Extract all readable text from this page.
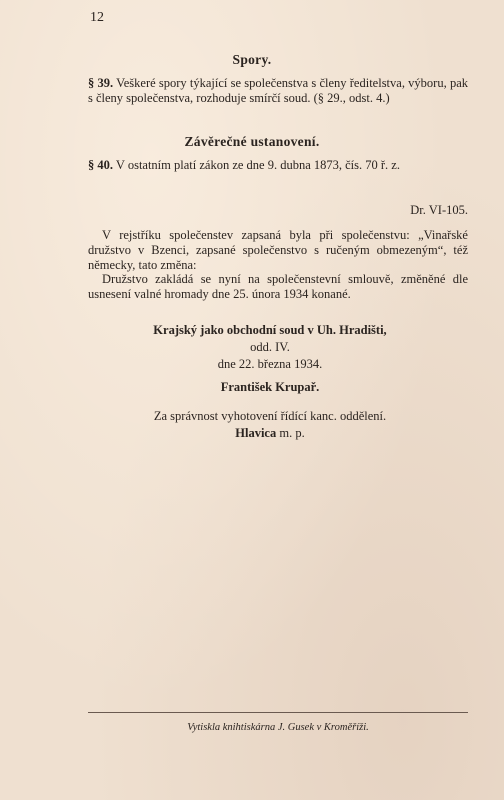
12
Spory.
§ 39. Veškeré spory týkající se společenstva s členy ředitelstva, výboru, pak s členy společenstva, rozhoduje smírčí soud. (§ 29., odst. 4.)
Závěrečné ustanovení.
§ 40. V ostatním platí zákon ze dne 9. dubna 1873, čís. 70 ř. z.
Dr. VI-105.
V rejstříku společenstev zapsaná byla při společenstvu: „Vinařské družstvo v Bzenci, zapsané společenstvo s ručeným obmezeným“, též německy, tato změna:
Družstvo zakládá se nyní na společenstevní smlouvě, změněné dle usnesení valné hromady dne 25. února 1934 konané.
Krajský jako obchodní soud v Uh. Hradišti,
odd. IV.
dne 22. března 1934.
František Krupař.
Za správnost vyhotovení řídící kanc. oddělení.
Hlavica m. p.
Vytiskla knihtiskárna J. Gusek v Kroměříži.
